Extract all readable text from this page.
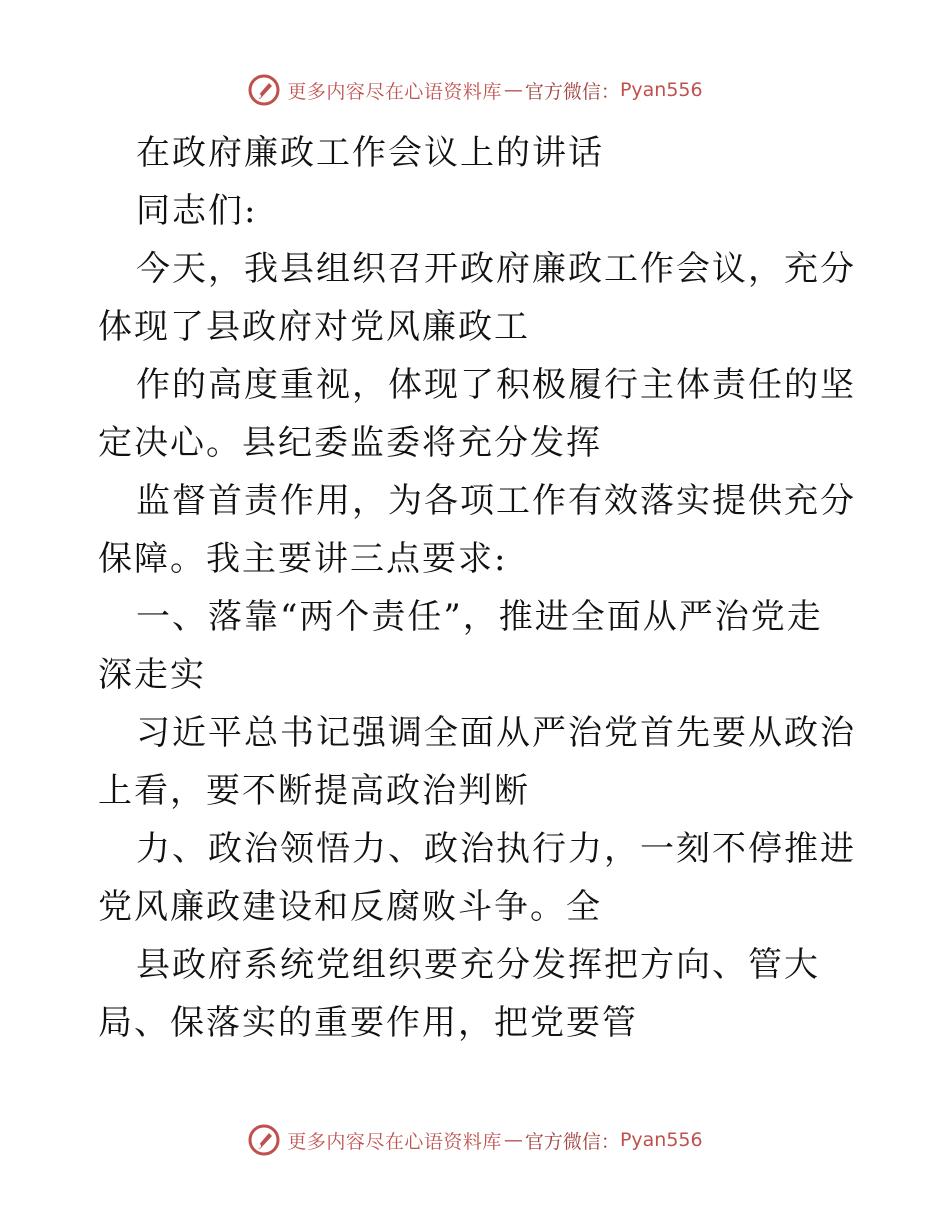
更多内容尽在心语资料库 — 官方微信： Pyan556

在政府廉政工作会议上的讲话

同志们:

今天，我县组织召开政府廉政工作会议，充分体现了县政府对党风廉政工

作的高度重视，体现了积极履行主体责任的坚定决心。县纪委监委将充分发挥

监督首责作用，为各项工作有效落实提供充分保障。我主要讲三点要求:

一、落靠“两个责任”，推进全面从严治党走深走实

习近平总书记强调全面从严治党首先要从政治上看，要不断提高政治判断

力、政治领悟力、政治执行力，一刻不停推进党风廉政建设和反腐败斗争。全

县政府系统党组织要充分发挥把方向、管大局、保落实的重要作用，把党要管

更多内容尽在心语资料库 — 官方微信： Pyan556
